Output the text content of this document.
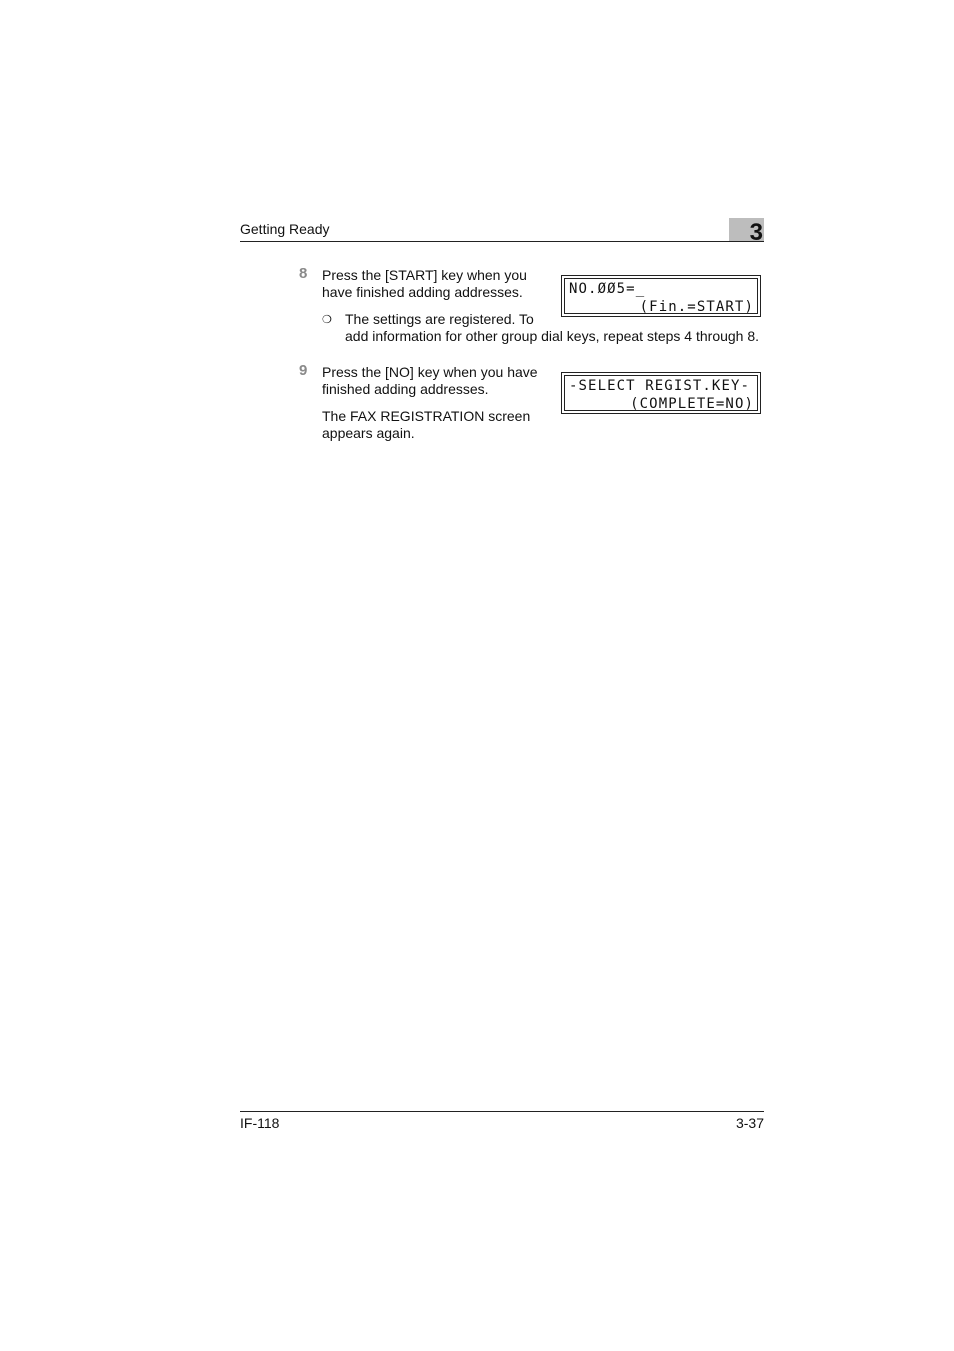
Getting Ready	3
8 Press the [START] key when you
have finished adding addresses.	NO.ØØ5=_
(Fin.=START)
❍ The settings are registered. To
add information for other group dial keys, repeat steps 4 through 8.
9 Press the [NO] key when you have
finished adding addresses.	-SELECT REGIST.KEY-
(COMPLETE=NO)
The FAX REGISTRATION screen
appears again.
IF-118	3-37
